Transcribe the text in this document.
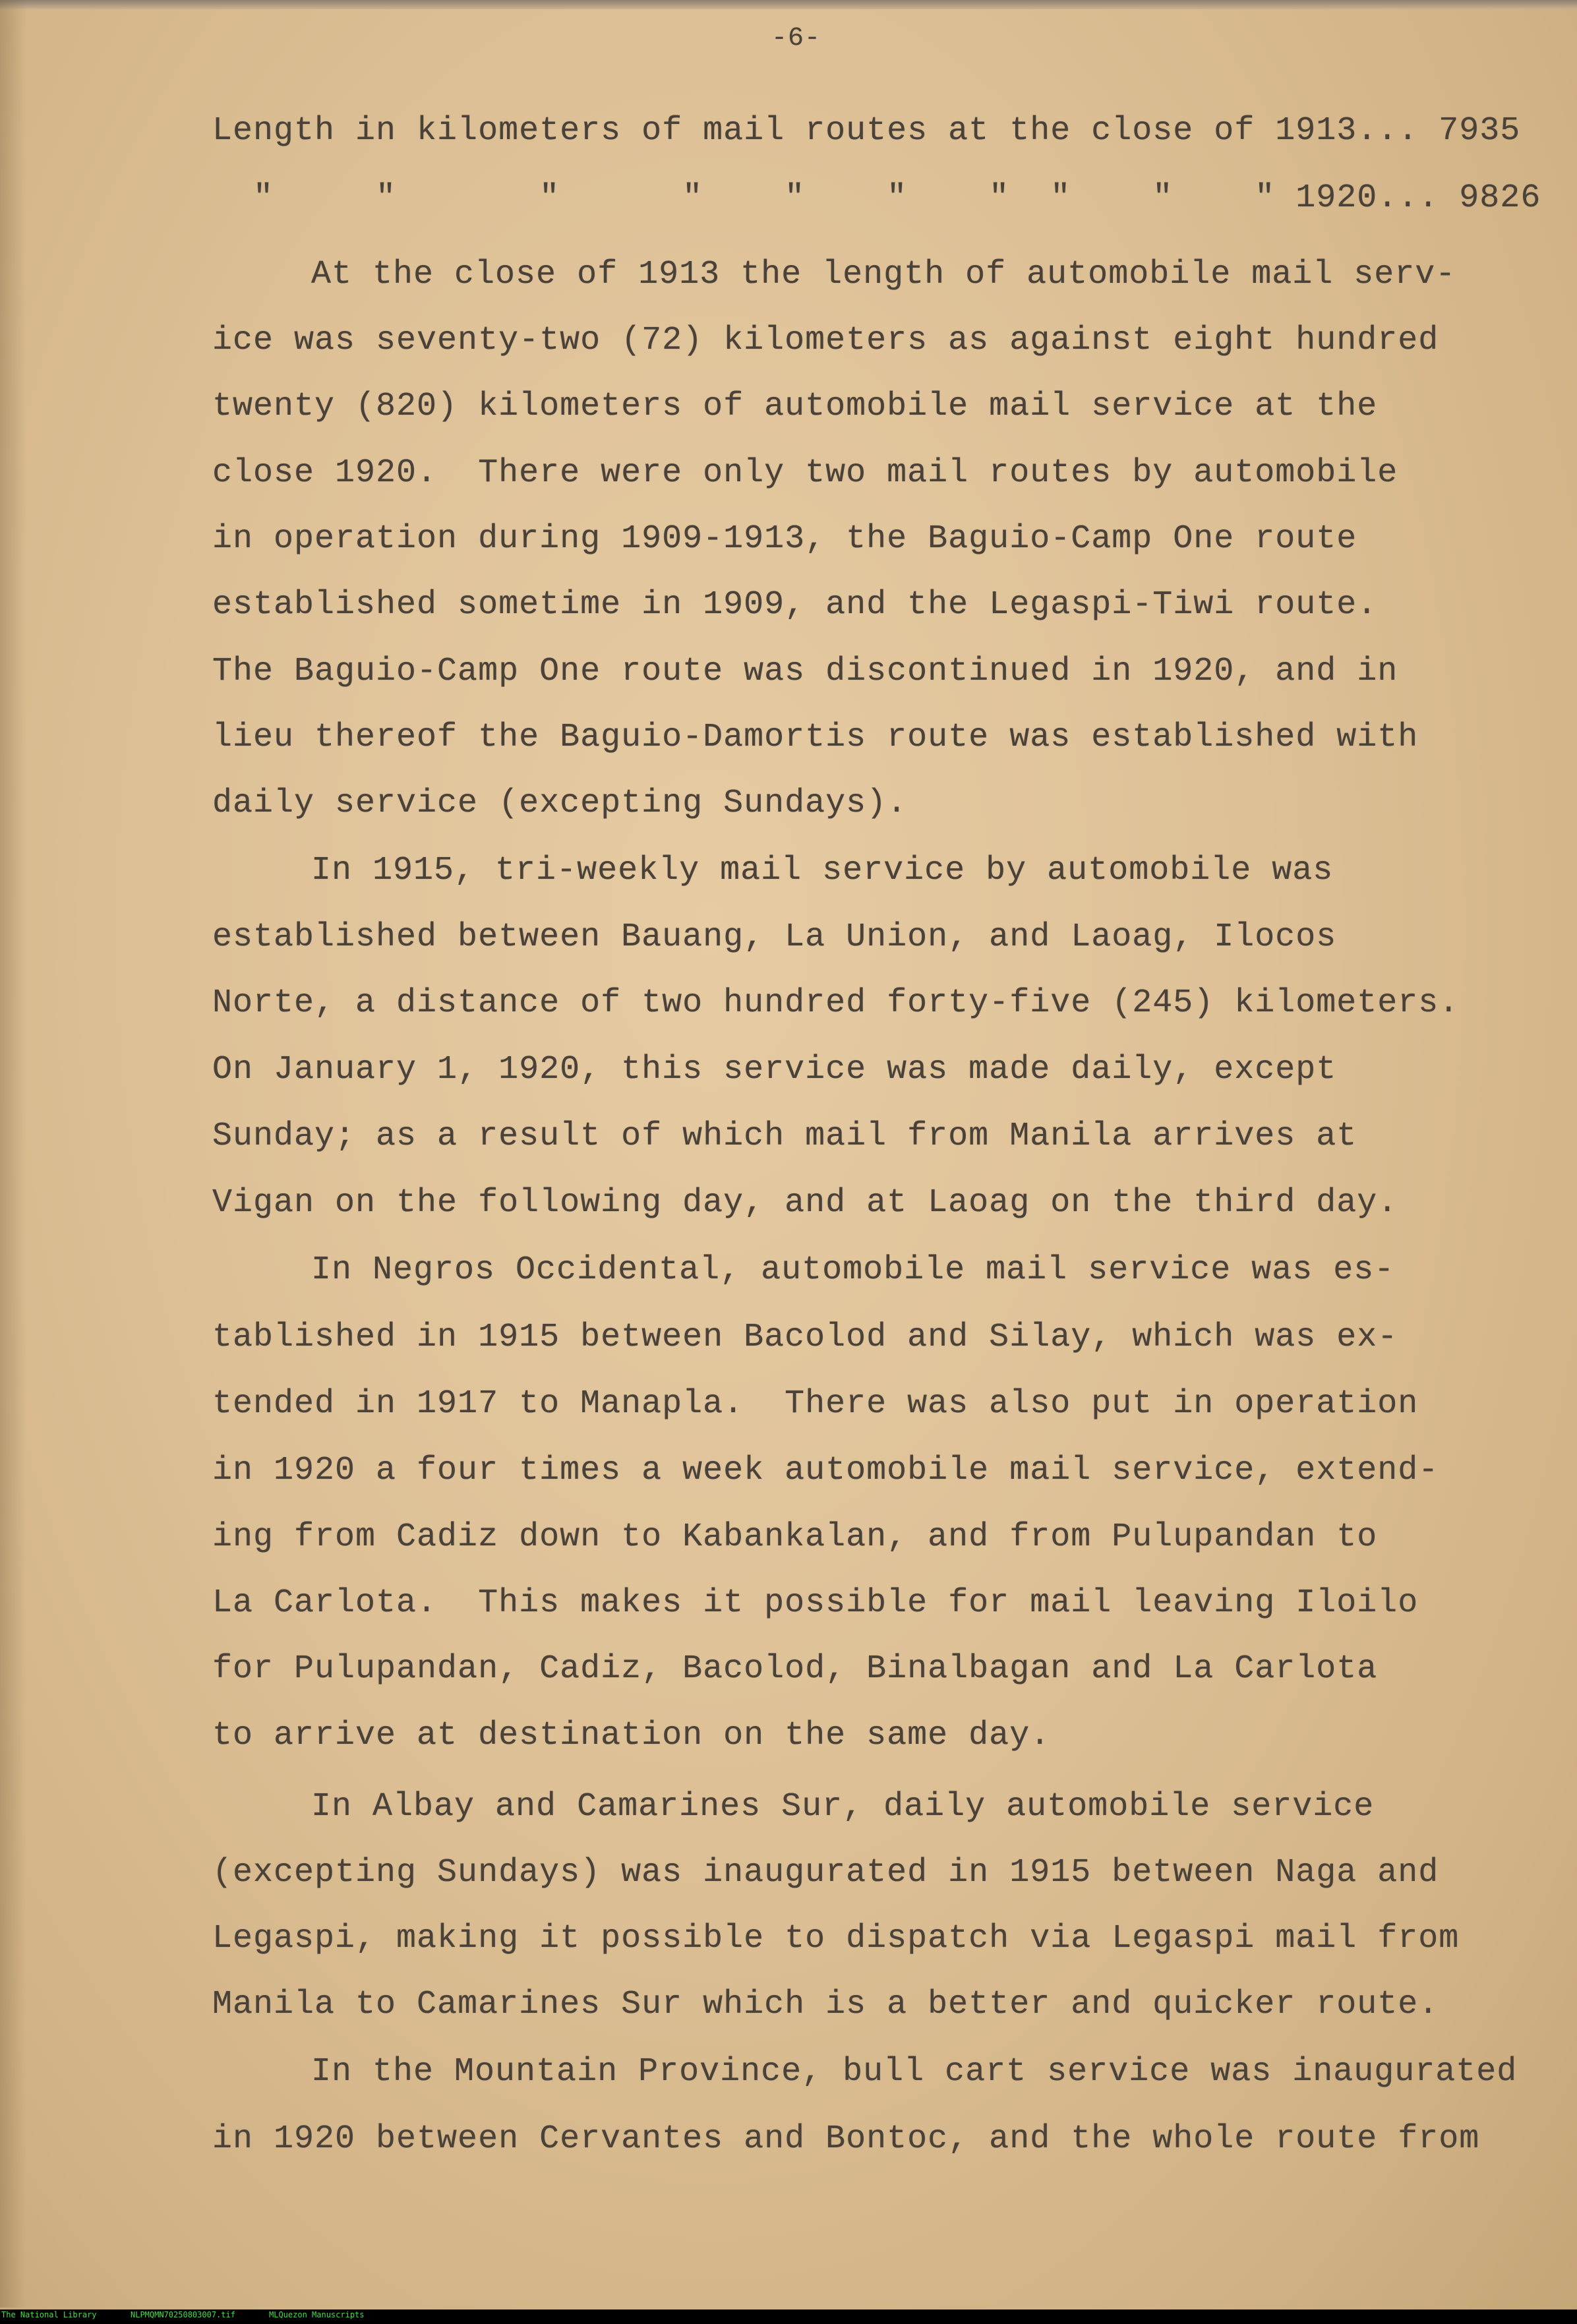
-6-
Length in kilometers of mail routes at the close of 1913... 7935
"     "       "      "    "    "    "  "    "    " 1920... 9826
At the close of 1913 the length of automobile mail serv-
ice was seventy-two (72) kilometers as against eight hundred
twenty (820) kilometers of automobile mail service at the
close 1920.  There were only two mail routes by automobile
in operation during 1909-1913, the Baguio-Camp One route
established sometime in 1909, and the Legaspi-Tiwi route.
The Baguio-Camp One route was discontinued in 1920, and in
lieu thereof the Baguio-Damortis route was established with
daily service (excepting Sundays).
In 1915, tri-weekly mail service by automobile was
established between Bauang, La Union, and Laoag, Ilocos
Norte, a distance of two hundred forty-five (245) kilometers.
On January 1, 1920, this service was made daily, except
Sunday; as a result of which mail from Manila arrives at
Vigan on the following day, and at Laoag on the third day.
In Negros Occidental, automobile mail service was es-
tablished in 1915 between Bacolod and Silay, which was ex-
tended in 1917 to Manapla.  There was also put in operation
in 1920 a four times a week automobile mail service, extend-
ing from Cadiz down to Kabankalan, and from Pulupandan to
La Carlota.  This makes it possible for mail leaving Iloilo
for Pulupandan, Cadiz, Bacolod, Binalbagan and La Carlota
to arrive at destination on the same day.
In Albay and Camarines Sur, daily automobile service
(excepting Sundays) was inaugurated in 1915 between Naga and
Legaspi, making it possible to dispatch via Legaspi mail from
Manila to Camarines Sur which is a better and quicker route.
In the Mountain Province, bull cart service was inaugurated
in 1920 between Cervantes and Bontoc, and the whole route from
The National Library	NLPMQMN70250803007.tif	MLQuezon Manuscripts
